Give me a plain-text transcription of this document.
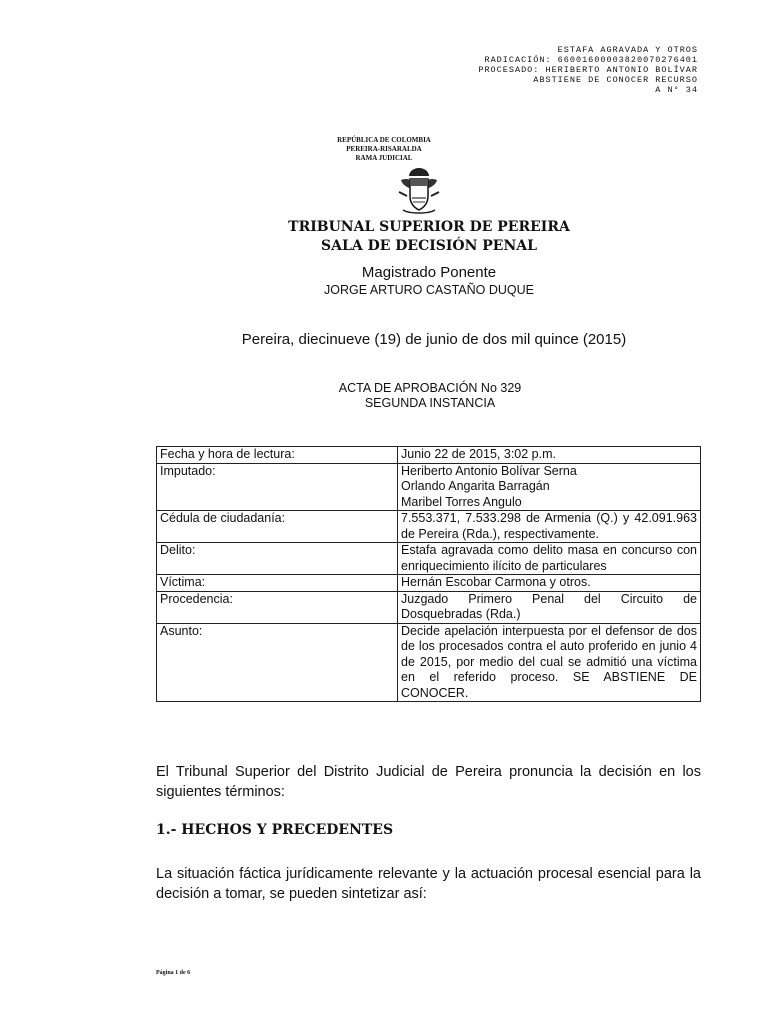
ESTAFA AGRAVADA Y OTROS
RADICACIÓN: 66001600003820070276401
PROCESADO: HERIBERTO ANTONIO BOLÍVAR
ABSTIENE DE CONOCER RECURSO
A N° 34
REPÚBLICA DE COLOMBIA
PEREIRA-RISARALDA
RAMA JUDICIAL
TRIBUNAL SUPERIOR DE PEREIRA
SALA DE DECISIÓN PENAL
Magistrado Ponente
JORGE ARTURO CASTAÑO DUQUE
Pereira, diecinueve (19) de junio de dos mil quince (2015)
ACTA DE APROBACIÓN No 329
SEGUNDA INSTANCIA
Fecha y hora de lectura:	Junio 22 de 2015, 3:02 p.m.
Imputado:	Heriberto Antonio Bolívar Serna
Orlando Angarita Barragán
Maribel Torres Angulo
Cédula de ciudadanía:	7.553.371, 7.533.298 de Armenia (Q.) y 42.091.963 de Pereira (Rda.), respectivamente.
Delito:	Estafa agravada como delito masa en concurso con enriquecimiento ilícito de particulares
Víctima:	Hernán Escobar Carmona y otros.
Procedencia:	Juzgado Primero Penal del Circuito de Dosquebradas (Rda.)
Asunto:	Decide apelación interpuesta por el defensor de dos de los procesados contra el auto proferido en junio 4 de 2015, por medio del cual se admitió una víctima en el referido proceso. SE ABSTIENE DE CONOCER.
El Tribunal Superior del Distrito Judicial de Pereira pronuncia la decisión en los siguientes términos:
1.- HECHOS Y PRECEDENTES
La situación fáctica jurídicamente relevante y la actuación procesal esencial para la decisión a tomar, se pueden sintetizar así:
Página 1 de 6
